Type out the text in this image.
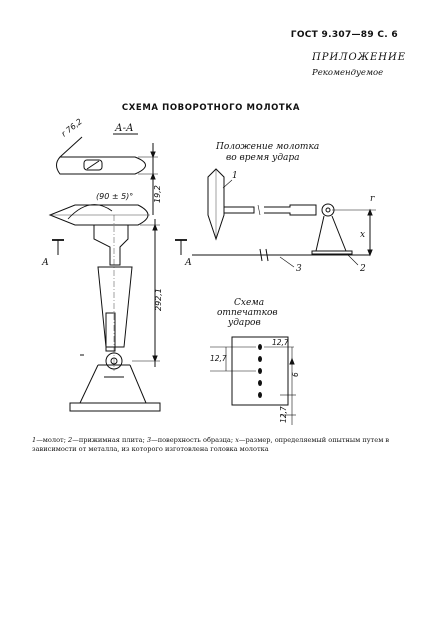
ГОСТ 9.307—89 С. 6
ПРИЛОЖЕНИЕ
Рекомендуемое
СХЕМА ПОВОРОТНОГО МОЛОТКА
А-А
r 76,2
19,2
(90 ± 5)°
А	А
292,1
Положение молотка
во время удара
1
3	2
x
r
Схема
отпечатков
ударов
12,7
12,7
6
12,7
1—молот; 2—прижимная плита; 3—поверхность образца; x—размер, определяемый опытным путем в зависимости от металла, из которого изготовлена головка молотка
